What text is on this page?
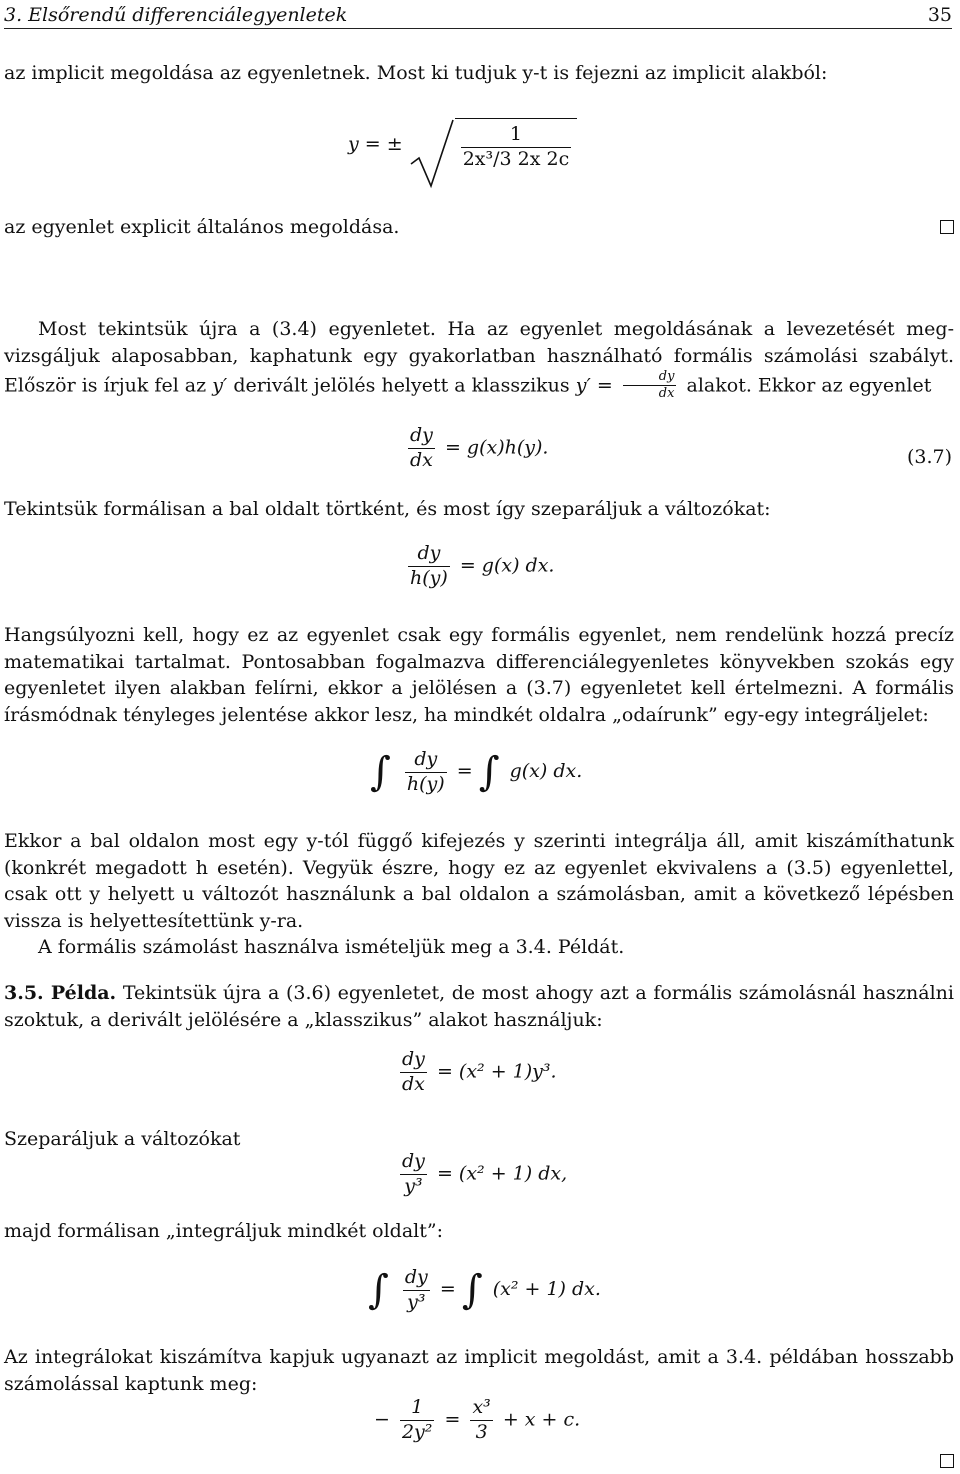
3. Elsőrendű differenciálegyenletek	35

az implicit megoldása az egyenletnek. Most ki tudjuk y-t is fejezni az implicit alakból:

y = ±	$\frac{1}{\text{2x³/3 2x 2c}}$

az egyenlet explicit általános megoldása.

Most tekintsük újra a (3.4) egyenletet. Ha az egyenlet megoldásának a levezetését meg-vizsgáljuk alaposabban, kaphatunk egy gyakorlatban használható formális számolási szabályt. Először is írjuk fel az y′ derivált jelölés helyett a klasszikus $y' = \frac{dy}{dx}$ alakot. Ekkor az egyenlet

$\frac{dy}{dx} = g(x)h(y)$.	(3.7)

Tekintsük formálisan a bal oldalt törtként, és most így szeparáljuk a változókat:

$\frac{dy}{h(y)} = g(x)$ dx.

Hangsúlyozni kell, hogy ez az egyenlet csak egy formális egyenlet, nem rendelünk hozzá precíz matematikai tartalmat. Pontosabban fogalmazva differenciálegyenletes könyvekben szokás egy egyenletet ilyen alakban felírni, ekkor a jelölésen a (3.7) egyenletet kell értelmezni. A formális írásmódnak tényleges jelentése akkor lesz, ha mindkét oldalra „odaírunk” egy-egy integráljelet:

∫ $\frac{dy}{h(y)}$ = ∫ g(x) dx.

Ekkor a bal oldalon most egy y-tól függő kifejezés y szerinti integrálja áll, amit kiszámíthatunk (konkrét megadott h esetén). Vegyük észre, hogy ez az egyenlet ekvivalens a (3.5) egyenlettel, csak ott y helyett u változót használunk a bal oldalon a számolásban, amit a következő lépésben vissza is helyettesítettünk y-ra.

A formális számolást használva ismételjük meg a 3.4. Példát.

3.5. Példa. Tekintsük újra a (3.6) egyenletet, de most ahogy azt a formális számolásnál használni szoktuk, a derivált jelölésére a „klasszikus” alakot használjuk:

$\frac{dy}{dx} = (x^2 + 1)y^3$.

Szeparáljuk a változókat

$\frac{dy}{\text{y³}} = (x^2 + 1)$ dx,

majd formálisan „integráljuk mindkét oldalt”:

∫ $\frac{dy}{\text{y³}}$ = ∫ (x² + 1) dx.

Az integrálokat kiszámítva kapjuk ugyanazt az implicit megoldást, amit a 3.4. példában hosszabb számolással kaptunk meg:

− $\frac{1}{\text{2y²}} = \frac{\text{x³}}{3} + x + c$.
